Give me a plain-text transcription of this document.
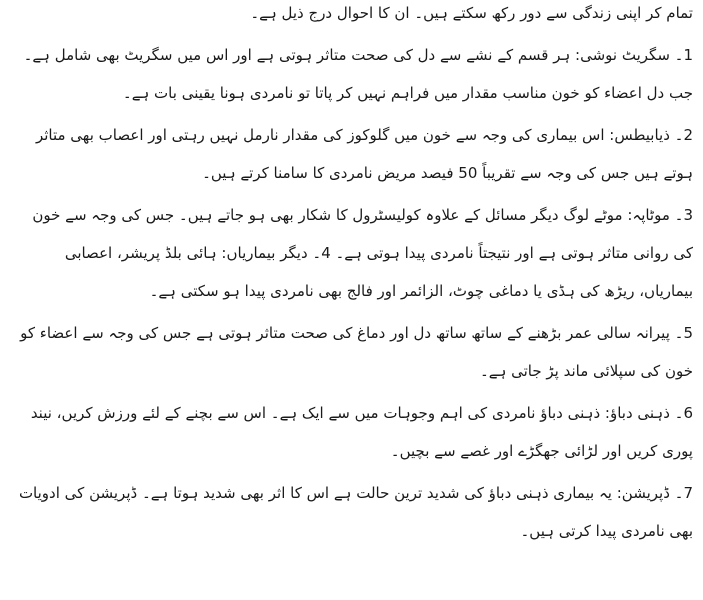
تمام کر اپنی زندگی سے دور رکھ سکتے ہیں۔ ان کا احوال درج ذیل ہے۔

1۔ سگریٹ نوشی: ہر قسم کے نشے سے دل کی صحت متاثر ہوتی ہے اور اس میں سگریٹ بھی شامل ہے۔ جب دل اعضاء کو خون مناسب مقدار میں فراہم نہیں کر پاتا تو نامردی ہونا یقینی بات ہے۔

2۔ ذیابیطس: اس بیماری کی وجہ سے خون میں گلوکوز کی مقدار نارمل نہیں رہتی اور اعصاب بھی متاثر ہوتے ہیں جس کی وجہ سے تقریباً 50 فیصد مریض نامردی کا سامنا کرتے ہیں۔

3۔ موٹاپہ: موٹے لوگ دیگر مسائل کے علاوہ کولیسٹرول کا شکار بھی ہو جاتے ہیں۔ جس کی وجہ سے خون کی روانی متاثر ہوتی ہے اور نتیجتاً نامردی پیدا ہوتی ہے۔ 4۔ دیگر بیماریاں: ہائی بلڈ پریشر، اعصابی بیماریاں، ریڑھ کی ہڈی یا دماغی چوٹ، الزائمر اور فالج بھی نامردی پیدا ہو سکتی ہے۔

5۔ پیرانہ سالی عمر بڑھنے کے ساتھ ساتھ دل اور دماغ کی صحت متاثر ہوتی ہے جس کی وجہ سے اعضاء کو خون کی سپلائی ماند پڑ جاتی ہے۔

6۔ ذہنی دباؤ: ذہنی دباؤ نامردی کی اہم وجوہات میں سے ایک ہے۔ اس سے بچنے کے لئے ورزش کریں، نیند پوری کریں اور لڑائی جھگڑے اور غصے سے بچیں۔

7۔ ڈپریشن: یہ بیماری ذہنی دباؤ کی شدید ترین حالت ہے اس کا اثر بھی شدید ہوتا ہے۔ ڈپریشن کی ادویات بھی نامردی پیدا کرتی ہیں۔
